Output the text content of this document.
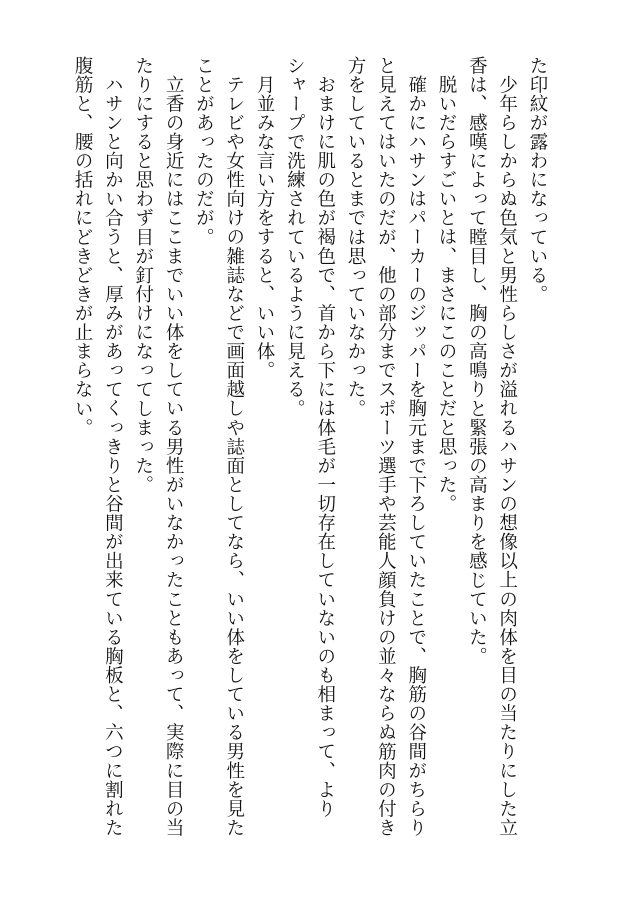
た印紋が露わになっている。
少年らしからぬ色気と男性らしさが溢れるハサンの想像以上の肉体を目の当たりにした立
香は、感嘆によって瞠目し、胸の高鳴りと緊張の高まりを感じていた。
脱いだらすごいとは、まさにこのことだと思った。
確かにハサンはパーカーのジッパーを胸元まで下ろしていたことで、胸筋の谷間がちらり
と見えてはいたのだが、他の部分までスポーツ選手や芸能人顔負けの並々ならぬ筋肉の付き
方をしているとまでは思っていなかった。
おまけに肌の色が褐色で、首から下には体毛が一切存在していないのも相まって、より
シャープで洗練されているように見える。
月並みな言い方をすると、いい体。
テレビや女性向けの雑誌などで画面越しや誌面としてなら、いい体をしている男性を見た
ことがあったのだが。
立香の身近にはここまでいい体をしている男性がいなかったこともあって、実際に目の当
たりにすると思わず目が釘付けになってしまった。
ハサンと向かい合うと、厚みがあってくっきりと谷間が出来ている胸板と、六つに割れた
腹筋と、腰の括れにどきどきが止まらない。
